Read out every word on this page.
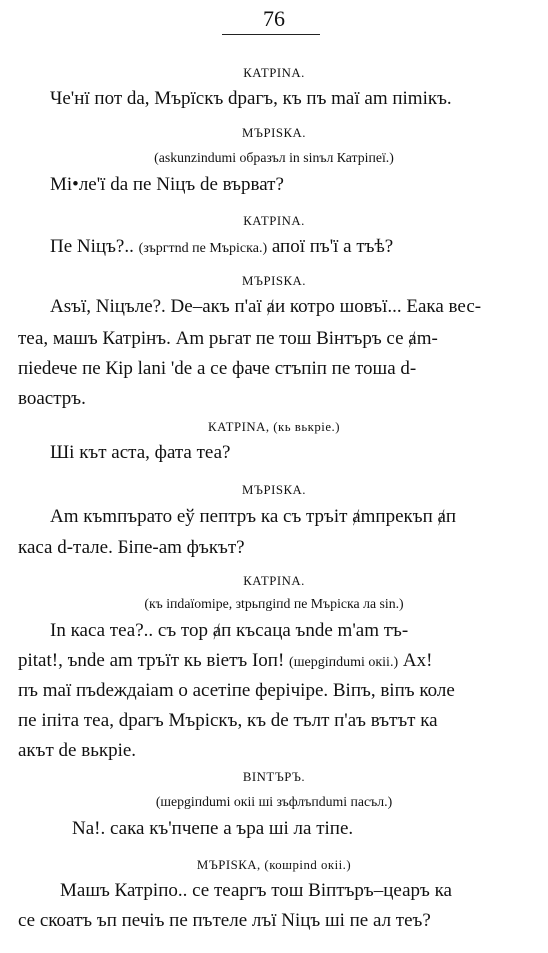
76
КАТРІNА.
Че'нї пот dа, Мърїскъ dрагъ, къ пъ maї am пimiкъ.
МЪРІSКА.
(askunzindumi oбразъл in sinъл Катріпеї.)
Mi•ле'ї dа пе Niцъ de върват?
КАТРІNА.
Пе Niцъ?.. (зъргтnd пе Мъріска.) апої пъ'ї а тъѣ?
МЪРІSКА.
Аsъї, Niцъле?. De–акъ п'аї ⱥи котро шовъї... Еака вес-
теа, машъ Катрiнъ. Am рьгат пе тош Вiнтъръ се ⱥm-
піеdече пе Кір lаni 'dе а се фаче стъпіп пе тоша d-
воастръ.
КАТРІNА, (кь вькрiе.)
Ші кът аста, фата теа?
МЪРІSКА.
Am къmпърато еў пептръ ка съ тръіт ⱥmпрекъп ⱥп
каса d-тале. Біпе-am фъкът?
КАТРІNА.
(къ іпdаїоmіре, зtрьпgіпd пе Мъріска ла sin.)
Іn каса теа?.. съ тор ⱥп късаца ъnde m'am тъ-
ріtаt!, ъnde am тръїт кь вiетъ Іоп! (шерgіпdumі окii.) Ах!
пъ maї пъdеждаiam о асетіпе феpiчіре. Віпъ, віпъ коле
пе iпiта теа, dрагъ Мърiскъ, къ de тълт п'аъ вътът ка
акът de вькрiе.
ВІNТЪРЪ.
(шерgіпdumі окii ші зъфлъпdumі пасъл.)
Na!. сака къ'пчепе а ъра ші ла тiпе.
МЪРІSКА, (кошрind окii.)
Машъ Катріпо.. се теаргъ тош Віптъръ–цеаръ ка
се скоатъ ъп печiъ пе пътеле лъї Niцъ ші пе ал теъ?
